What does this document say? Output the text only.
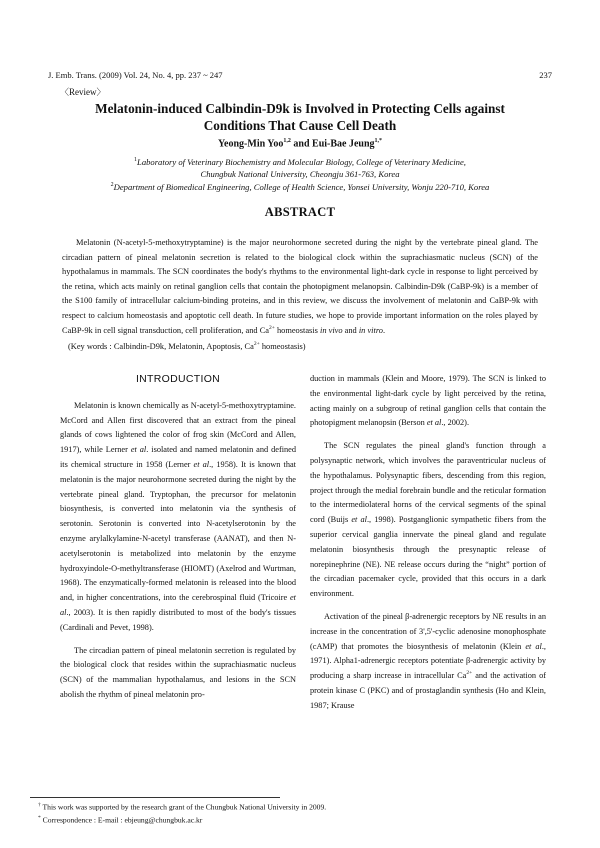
J. Emb. Trans. (2009) Vol. 24, No. 4, pp. 237 ~ 247	237
〈Review〉
Melatonin-induced Calbindin-D9k is Involved in Protecting Cells against
Conditions That Cause Cell Death
Yeong-Min Yoo$^{1,2}$ and Eui-Bae Jeung$^{1,*}$
$^1$Laboratory of Veterinary Biochemistry and Molecular Biology, College of Veterinary Medicine,
Chungbuk National University, Cheongju 361-763, Korea
$^2$Department of Biomedical Engineering, College of Health Science, Yonsei University, Wonju 220-710, Korea
ABSTRACT
Melatonin (N-acetyl-5-methoxytryptamine) is the major neurohormone secreted during the night by the vertebrate pineal gland. The circadian pattern of pineal melatonin secretion is related to the biological clock within the suprachiasmatic nucleus (SCN) of the hypothalamus in mammals. The SCN coordinates the body's rhythms to the environmental light-dark cycle in response to light perceived by the retina, which acts mainly on retinal ganglion cells that contain the photopigment melanopsin. Calbindin-D9k (CaBP-9k) is a member of the S100 family of intracellular calcium-binding proteins, and in this review, we discuss the involvement of melatonin and CaBP-9k with respect to calcium homeostasis and apoptotic cell death. In future studies, we hope to provide important information on the roles played by CaBP-9k in cell signal transduction, cell proliferation, and $Ca^{2+}$ homeostasis in vivo and in vitro.
(Key words : Calbindin-D9k, Melatonin, Apoptosis, $Ca^{2+}$ homeostasis)
INTRODUCTION

Melatonin is known chemically as N-acetyl-5-methoxytryptamine. McCord and Allen first discovered that an extract from the pineal glands of cows lightened the color of frog skin (McCord and Allen, 1917), while Lerner et al. isolated and named melatonin and defined its chemical structure in 1958 (Lerner et al., 1958). It is known that melatonin is the major neurohormone secreted during the night by the vertebrate pineal gland. Tryptophan, the precursor for melatonin biosynthesis, is converted into melatonin via the synthesis of serotonin. Serotonin is converted into N-acetylserotonin by the enzyme arylalkylamine-N-acetyl transferase (AANAT), and then N-acetylserotonin is metabolized into melatonin by the enzyme hydroxyindole-O-methyltransferase (HIOMT) (Axelrod and Wurtman, 1968). The enzymatically-formed melatonin is released into the blood and, in higher concentrations, into the cerebrospinal fluid (Tricoire et al., 2003). It is then rapidly distributed to most of the body's tissues (Cardinali and Pevet, 1998).

The circadian pattern of pineal melatonin secretion is regulated by the biological clock that resides within the suprachiasmatic nucleus (SCN) of the mammalian hypothalamus, and lesions in the SCN abolish the rhythm of pineal melatonin pro-

duction in mammals (Klein and Moore, 1979). The SCN is linked to the environmental light-dark cycle by light perceived by the retina, acting mainly on a subgroup of retinal ganglion cells that contain the photopigment melanopsin (Berson et al., 2002).

The SCN regulates the pineal gland's function through a polysynaptic network, which involves the paraventricular nucleus of the hypothalamus. Polysynaptic fibers, descending from this region, project through the medial forebrain bundle and the reticular formation to the intermediolateral horns of the cervical segments of the spinal cord (Buijs et al., 1998). Postganglionic sympathetic fibers from the superior cervical ganglia innervate the pineal gland and regulate melatonin biosynthesis through the presynaptic release of norepinephrine (NE). NE release occurs during the “night” portion of the circadian pacemaker cycle, provided that this occurs in a dark environment.

Activation of the pineal β-adrenergic receptors by NE results in an increase in the concentration of 3',5'-cyclic adenosine monophosphate (cAMP) that promotes the biosynthesis of melatonin (Klein et al., 1971). Alpha1-adrenergic receptors potentiate β-adrenergic activity by producing a sharp increase in intracellular $Ca^{2+}$ and the activation of protein kinase C (PKC) and of prostaglandin synthesis (Ho and Klein, 1987; Krause

† This work was supported by the research grant of the Chungbuk National University in 2009.
* Correspondence : E-mail : ebjeung@chungbuk.ac.kr
